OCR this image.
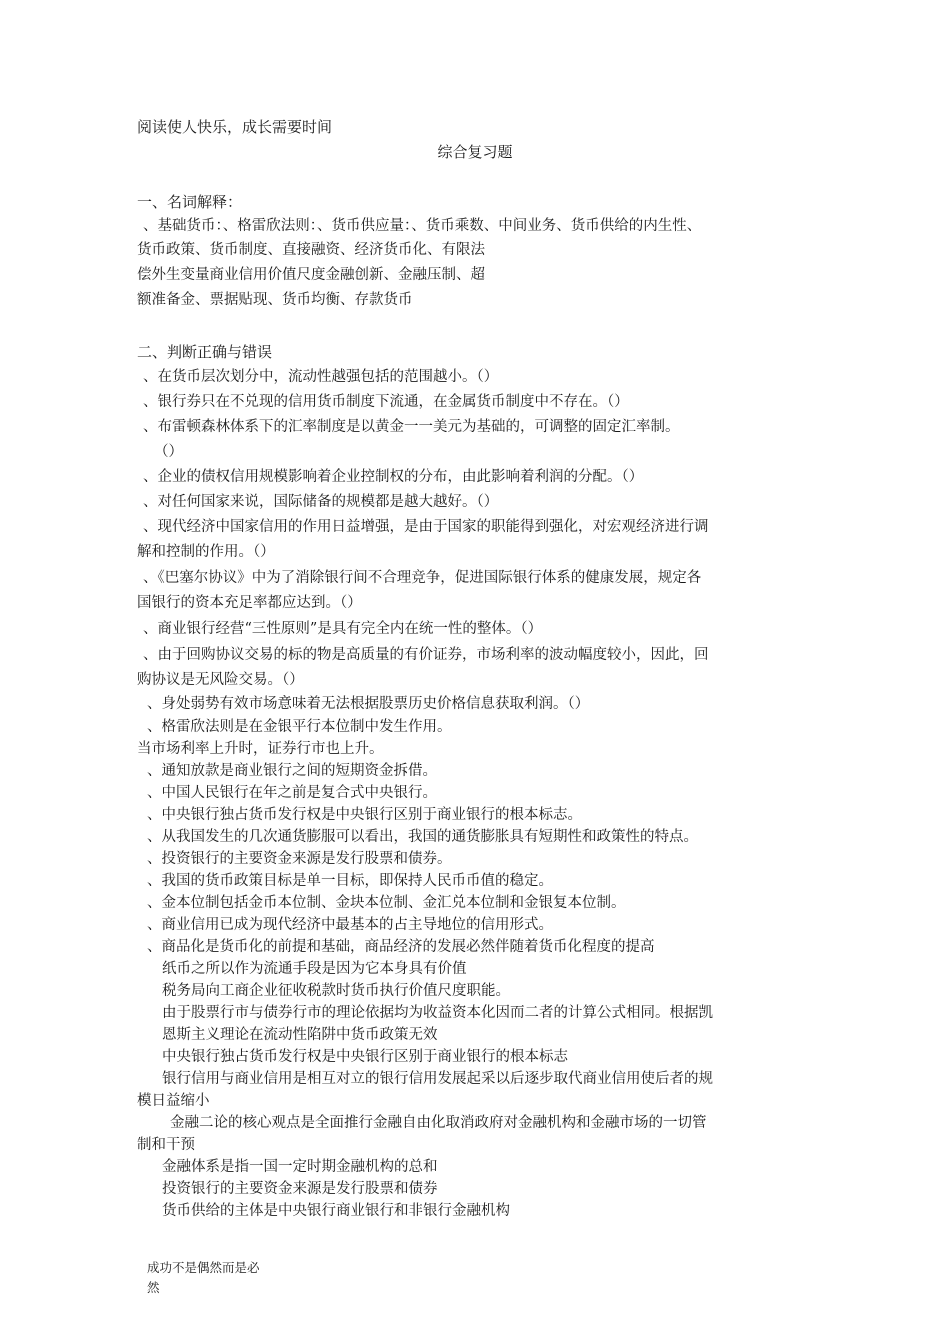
阅读使人快乐，成长需要时间
综合复习题
一、名词解释：
、基础货币：、格雷欣法则：、货币供应量：、货币乘数、中间业务、货币供给的内生性、
货币政策、货币制度、直接融资、经济货币化、有限法
偿外生变量商业信用价值尺度金融创新、金融压制、超
额准备金、票据贴现、货币均衡、存款货币
二、判断正确与错误
、在货币层次划分中，流动性越强包括的范围越小。（）
、银行券只在不兑现的信用货币制度下流通，在金属货币制度中不存在。（）
、布雷顿森林体系下的汇率制度是以黄金一一美元为基础的，可调整的固定汇率制。
（）
、企业的债权信用规模影响着企业控制权的分布，由此影响着利润的分配。（）
、对任何国家来说，国际储备的规模都是越大越好。（）
、现代经济中国家信用的作用日益增强，是由于国家的职能得到强化，对宏观经济进行调
解和控制的作用。（）
、《巴塞尔协议》中为了消除银行间不合理竞争，促进国际银行体系的健康发展，规定各
国银行的资本充足率都应达到。（）
、商业银行经营“三性原则”是具有完全内在统一性的整体。（）
、由于回购协议交易的标的物是高质量的有价证券，市场利率的波动幅度较小，因此，回
购协议是无风险交易。（）
、身处弱势有效市场意味着无法根据股票历史价格信息获取利润。（）
、格雷欣法则是在金银平行本位制中发生作用。
当市场利率上升时，证券行市也上升。
、通知放款是商业银行之间的短期资金拆借。
、中国人民银行在年之前是复合式中央银行。
、中央银行独占货币发行权是中央银行区别于商业银行的根本标志。
、从我国发生的几次通货膨服可以看出，我国的通货膨胀具有短期性和政策性的特点。
、投资银行的主要资金来源是发行股票和债券。
、我国的货币政策目标是单一目标，即保持人民币币值的稳定。
、金本位制包括金币本位制、金块本位制、金汇兑本位制和金银复本位制。
、商业信用已成为现代经济中最基本的占主导地位的信用形式。
、商品化是货币化的前提和基础，商品经济的发展必然伴随着货币化程度的提高
纸币之所以作为流通手段是因为它本身具有价值
税务局向工商企业征收税款时货币执行价值尺度职能。
由于股票行市与债券行市的理论依据均为收益资本化因而二者的计算公式相同。根据凯
恩斯主义理论在流动性陷阱中货币政策无效
中央银行独占货币发行权是中央银行区别于商业银行的根本标志
银行信用与商业信用是相互对立的银行信用发展起采以后逐步取代商业信用使后者的规
模日益缩小
金融二论的核心观点是全面推行金融自由化取消政府对金融机构和金融市场的一切管
制和干预
金融体系是指一国一定时期金融机构的总和
投资银行的主要资金来源是发行股票和债券
货币供给的主体是中央银行商业银行和非银行金融机构
成功不是偶然而是必
然
